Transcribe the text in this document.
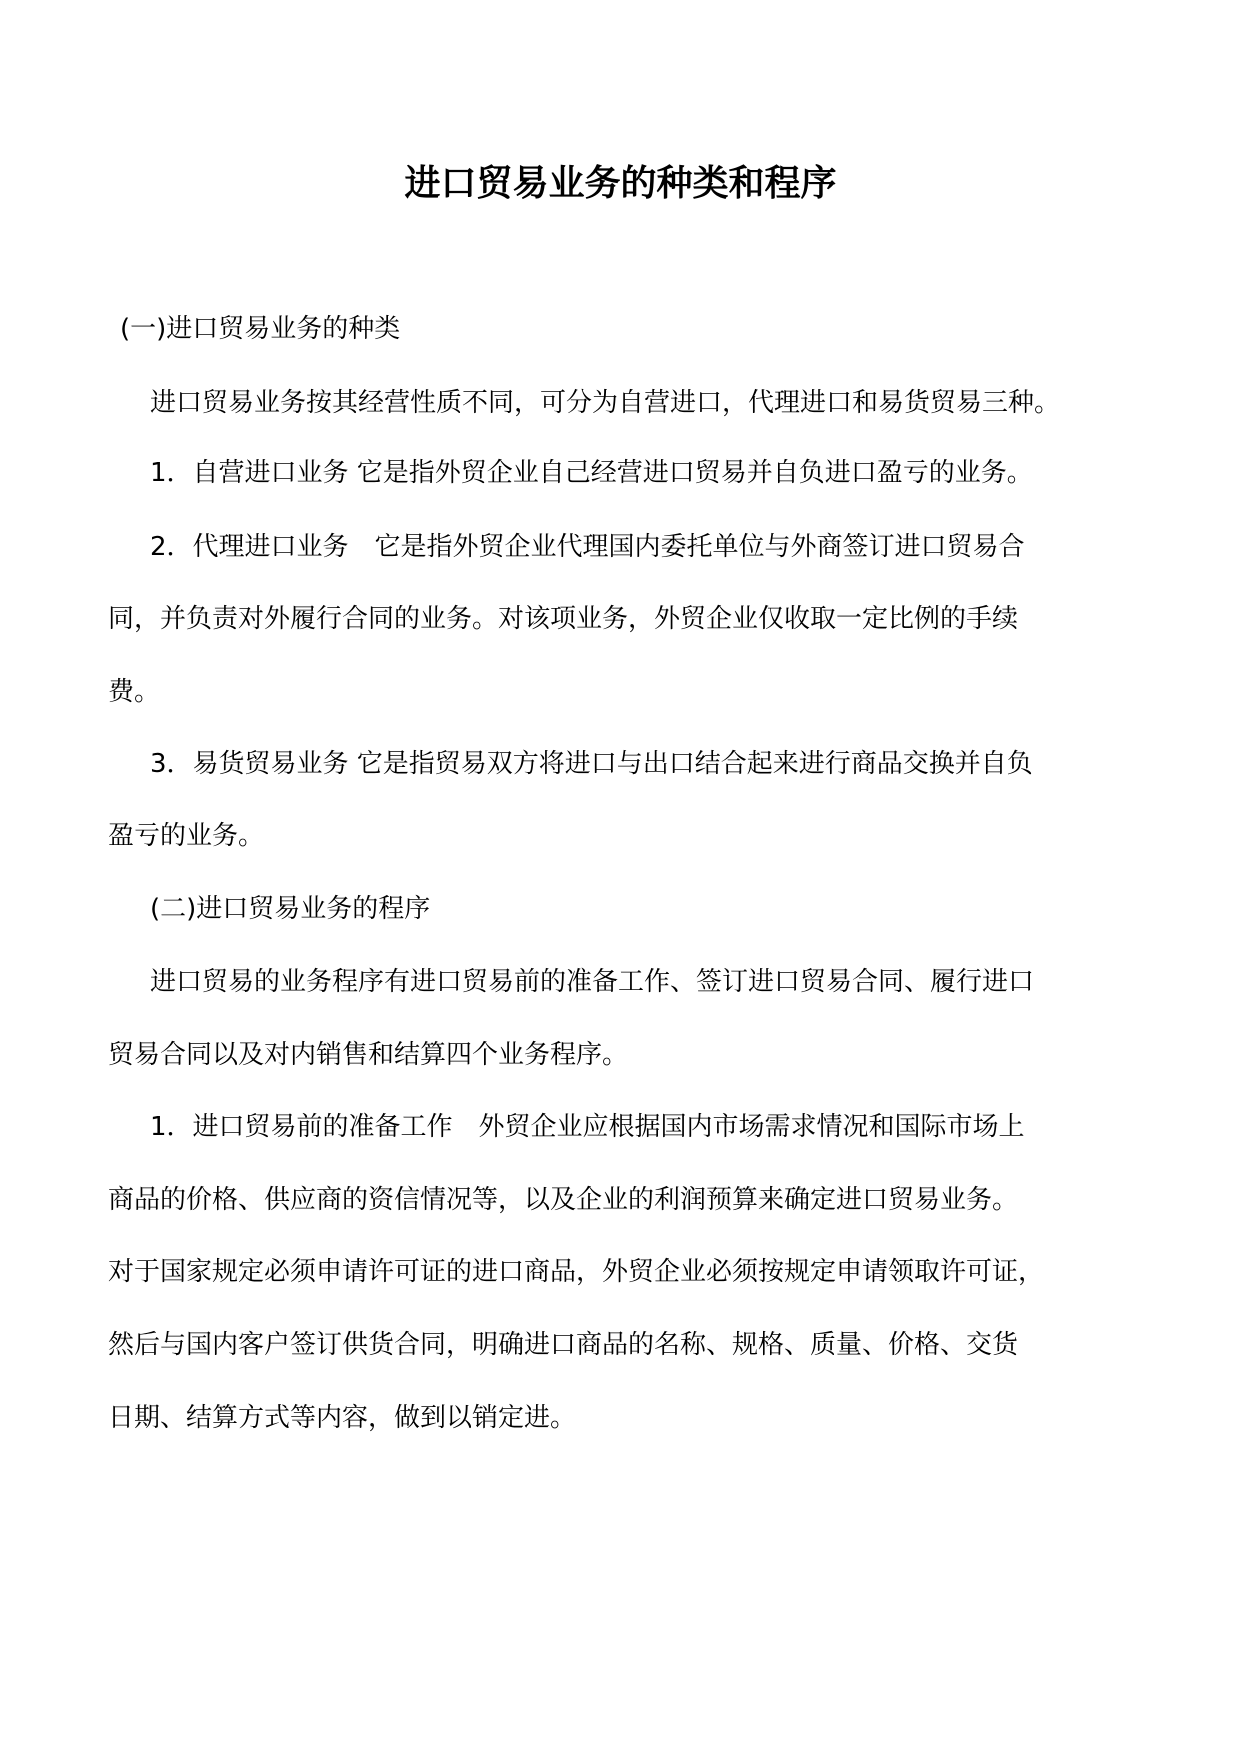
进口贸易业务的种类和程序

(一)进口贸易业务的种类

进口贸易业务按其经营性质不同，可分为自营进口，代理进口和易货贸易三种。

1．自营进口业务 它是指外贸企业自己经营进口贸易并自负进口盈亏的业务。

2．代理进口业务　它是指外贸企业代理国内委托单位与外商签订进口贸易合

同，并负责对外履行合同的业务。对该项业务，外贸企业仅收取一定比例的手续

费。

3．易货贸易业务 它是指贸易双方将进口与出口结合起来进行商品交换并自负

盈亏的业务。

(二)进口贸易业务的程序

进口贸易的业务程序有进口贸易前的准备工作、签订进口贸易合同、履行进口

贸易合同以及对内销售和结算四个业务程序。

1．进口贸易前的准备工作　外贸企业应根据国内市场需求情况和国际市场上

商品的价格、供应商的资信情况等，以及企业的利润预算来确定进口贸易业务。

对于国家规定必须申请许可证的进口商品，外贸企业必须按规定申请领取许可证，

然后与国内客户签订供货合同，明确进口商品的名称、规格、质量、价格、交货

日期、结算方式等内容，做到以销定进。
